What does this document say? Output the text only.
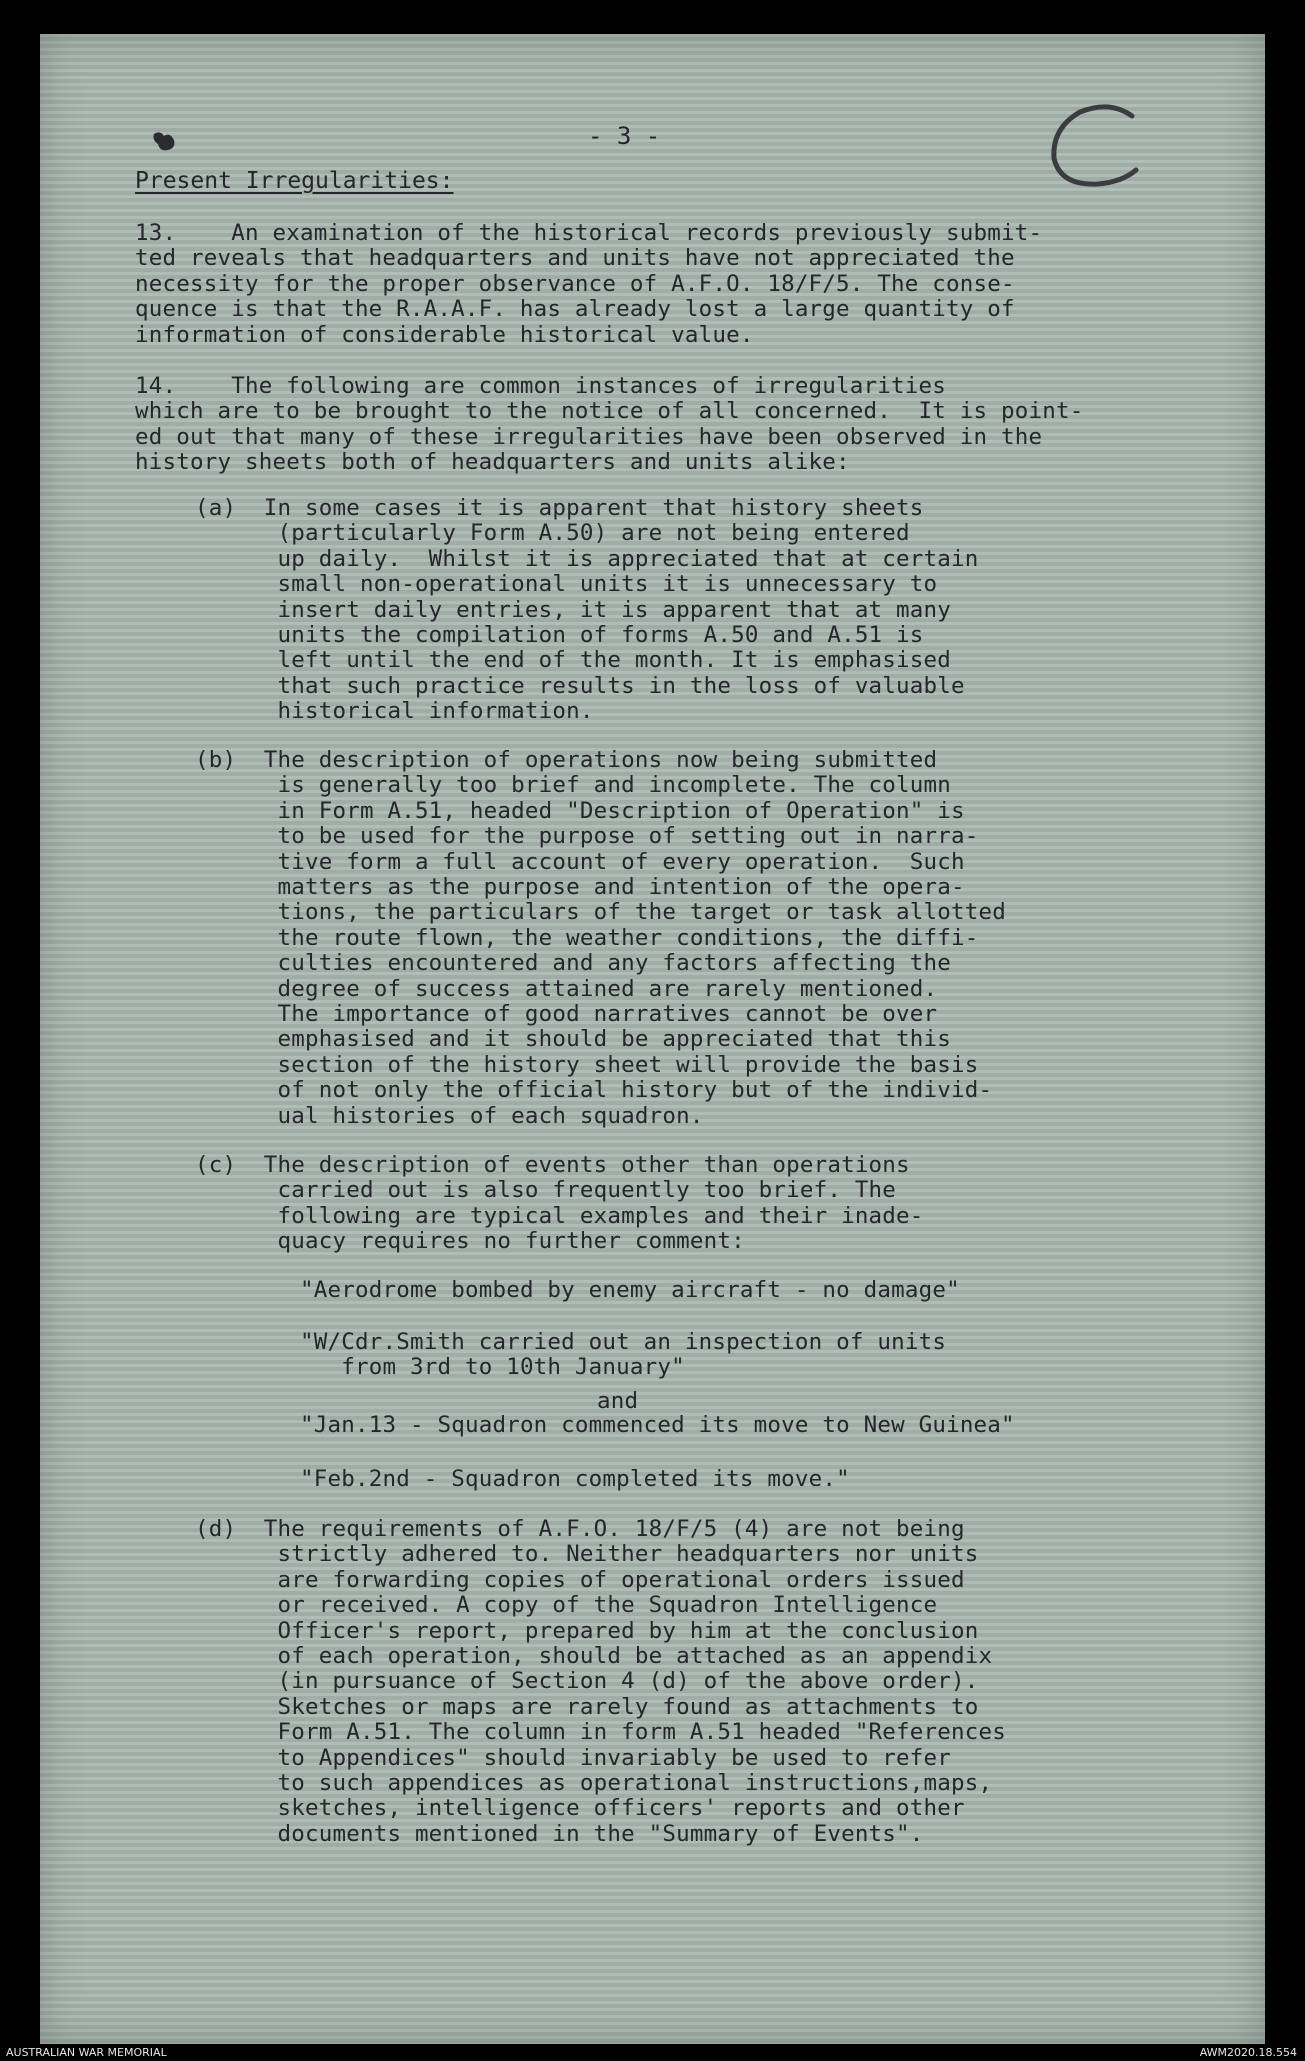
- 3 -
Present Irregularities:
13.    An examination of the historical records previously submit-
ted reveals that headquarters and units have not appreciated the
necessity for the proper observance of A.F.O. 18/F/5. The conse-
quence is that the R.A.A.F. has already lost a large quantity of
information of considerable historical value.
14.    The following are common instances of irregularities
which are to be brought to the notice of all concerned.  It is point-
ed out that many of these irregularities have been observed in the
history sheets both of headquarters and units alike:
(a)  In some cases it is apparent that history sheets
(particularly Form A.50) are not being entered
up daily.  Whilst it is appreciated that at certain
small non-operational units it is unnecessary to
insert daily entries, it is apparent that at many
units the compilation of forms A.50 and A.51 is
left until the end of the month. It is emphasised
that such practice results in the loss of valuable
historical information.
(b)  The description of operations now being submitted
is generally too brief and incomplete. The column
in Form A.51, headed "Description of Operation" is
to be used for the purpose of setting out in narra-
tive form a full account of every operation.  Such
matters as the purpose and intention of the opera-
tions, the particulars of the target or task allotted
the route flown, the weather conditions, the diffi-
culties encountered and any factors affecting the
degree of success attained are rarely mentioned.
The importance of good narratives cannot be over
emphasised and it should be appreciated that this
section of the history sheet will provide the basis
of not only the official history but of the individ-
ual histories of each squadron.
(c)  The description of events other than operations
carried out is also frequently too brief. The
following are typical examples and their inade-
quacy requires no further comment:
"Aerodrome bombed by enemy aircraft - no damage"
"W/Cdr.Smith carried out an inspection of units
from 3rd to 10th January"
and
"Jan.13 - Squadron commenced its move to New Guinea"
"Feb.2nd - Squadron completed its move."
(d)  The requirements of A.F.O. 18/F/5 (4) are not being
strictly adhered to. Neither headquarters nor units
are forwarding copies of operational orders issued
or received. A copy of the Squadron Intelligence
Officer's report, prepared by him at the conclusion
of each operation, should be attached as an appendix
(in pursuance of Section 4 (d) of the above order).
Sketches or maps are rarely found as attachments to
Form A.51. The column in form A.51 headed "References
to Appendices" should invariably be used to refer
to such appendices as operational instructions,maps,
sketches, intelligence officers' reports and other
documents mentioned in the "Summary of Events".
AUSTRALIAN WAR MEMORIAL	AWM2020.18.554
